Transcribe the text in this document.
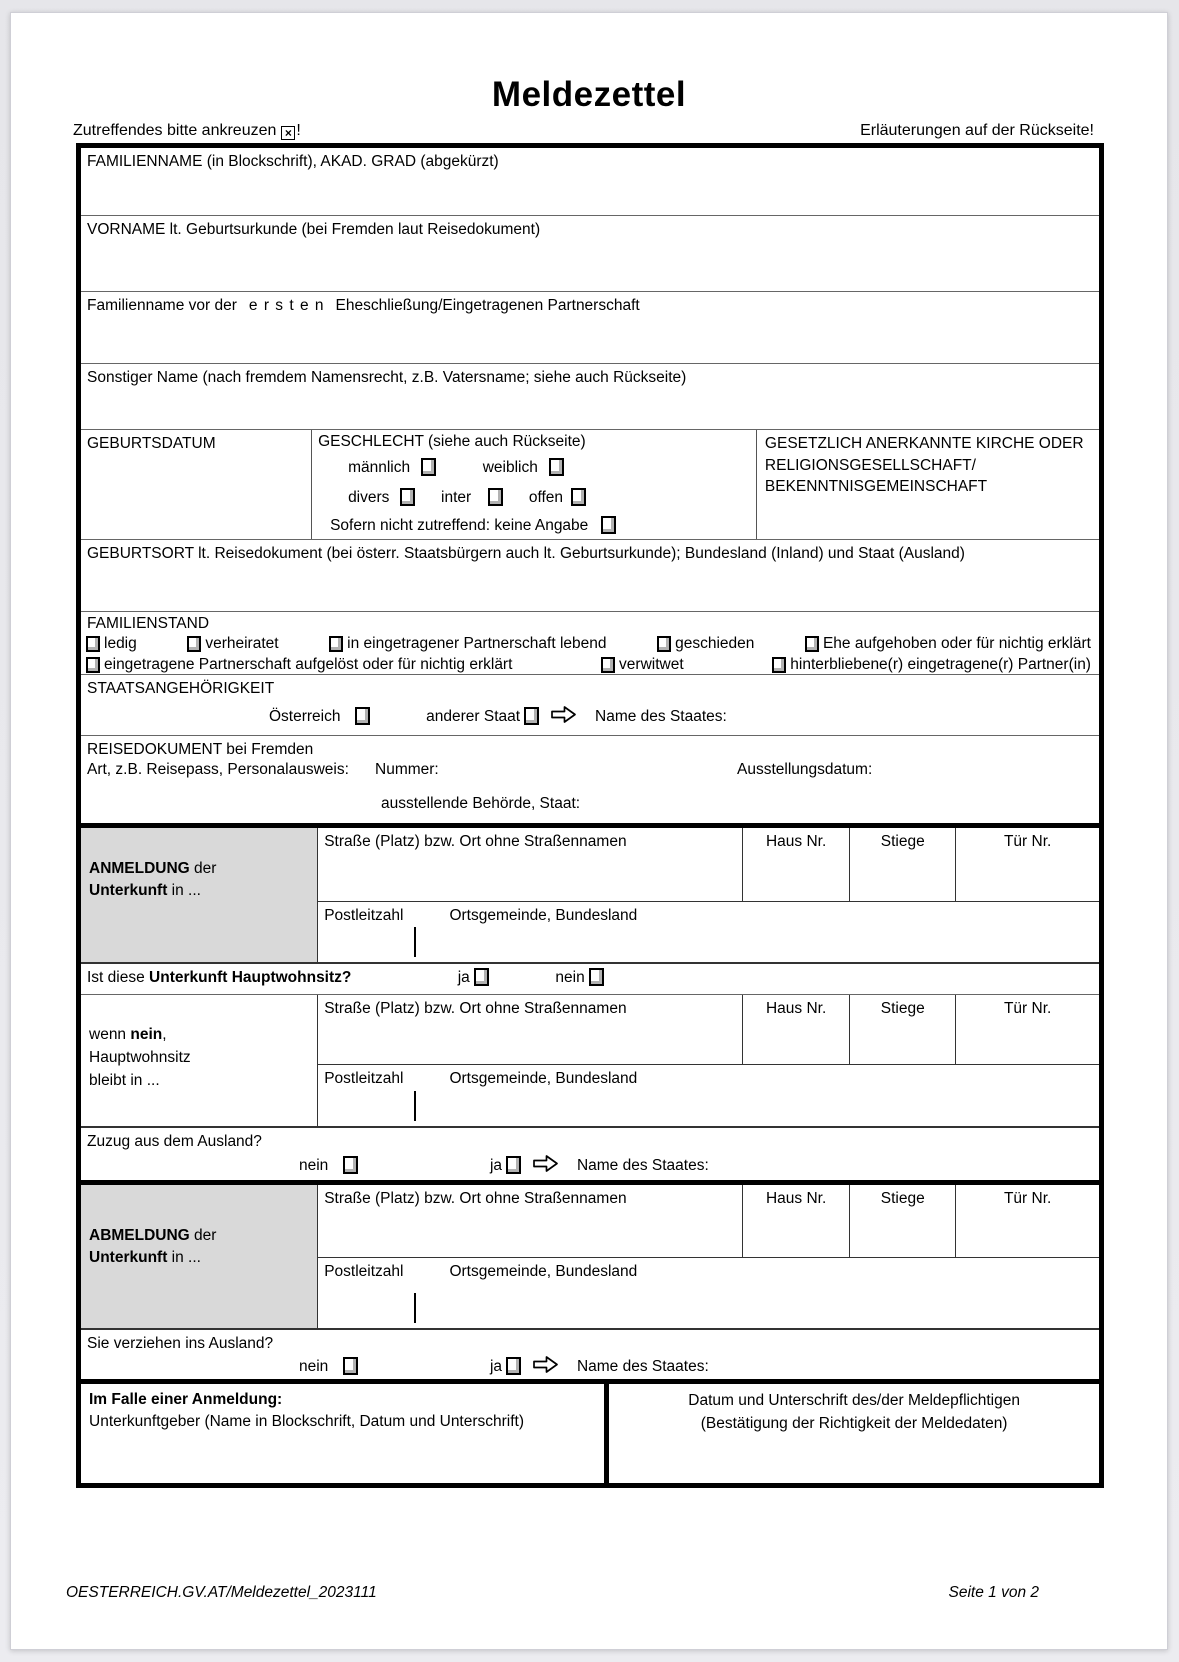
Meldezettel
Zutreffendes bitte ankreuzen × !	Erläuterungen auf der Rückseite!
FAMILIENNAME (in Blockschrift), AKAD. GRAD (abgekürzt)
VORNAME lt. Geburtsurkunde (bei Fremden laut Reisedokument)
Familienname vor der e r s t e n Eheschließung/Eingetragenen Partnerschaft
Sonstiger Name (nach fremdem Namensrecht, z.B. Vatersname; siehe auch Rückseite)
GEBURTSDATUM	GESCHLECHT (siehe auch Rückseite)
männlich	weiblich
divers	inter	offen
Sofern nicht zutreffend: keine Angabe
GESETZLICH ANERKANNTE KIRCHE ODER RELIGIONSGESELLSCHAFT/ BEKENNTNISGEMEINSCHAFT
GEBURTSORT lt. Reisedokument (bei österr. Staatsbürgern auch lt. Geburtsurkunde); Bundesland (Inland) und Staat (Ausland)
FAMILIENSTAND
ledig	verheiratet	in eingetragener Partnerschaft lebend	geschieden	Ehe aufgehoben oder für nichtig erklärt
eingetragene Partnerschaft aufgelöst oder für nichtig erklärt	verwitwet	hinterbliebene(r) eingetragene(r) Partner(in)
STAATSANGEHÖRIGKEIT
Österreich	anderer Staat	Name des Staates:
REISEDOKUMENT bei Fremden
Art, z.B. Reisepass, Personalausweis:	Nummer:	Ausstellungsdatum:
ausstellende Behörde, Staat:
ANMELDUNG der
Unterkunft in ...
Straße (Platz) bzw. Ort ohne Straßennamen	Haus Nr.	Stiege	Tür Nr.
Postleitzahl	Ortsgemeinde, Bundesland
Ist diese Unterkunft Hauptwohnsitz?	ja	nein
wenn nein,
Hauptwohnsitz
bleibt in ...
Straße (Platz) bzw. Ort ohne Straßennamen	Haus Nr.	Stiege	Tür Nr.
Postleitzahl	Ortsgemeinde, Bundesland
Zuzug aus dem Ausland?
nein	ja	Name des Staates:
ABMELDUNG der
Unterkunft in ...
Straße (Platz) bzw. Ort ohne Straßennamen	Haus Nr.	Stiege	Tür Nr.
Postleitzahl	Ortsgemeinde, Bundesland
Sie verziehen ins Ausland?
nein	ja	Name des Staates:
Im Falle einer Anmeldung:
Unterkunftgeber (Name in Blockschrift, Datum und Unterschrift)
Datum und Unterschrift des/der Meldepflichtigen
(Bestätigung der Richtigkeit der Meldedaten)
OESTERREICH.GV.AT/Meldezettel_2023111	Seite 1 von 2
